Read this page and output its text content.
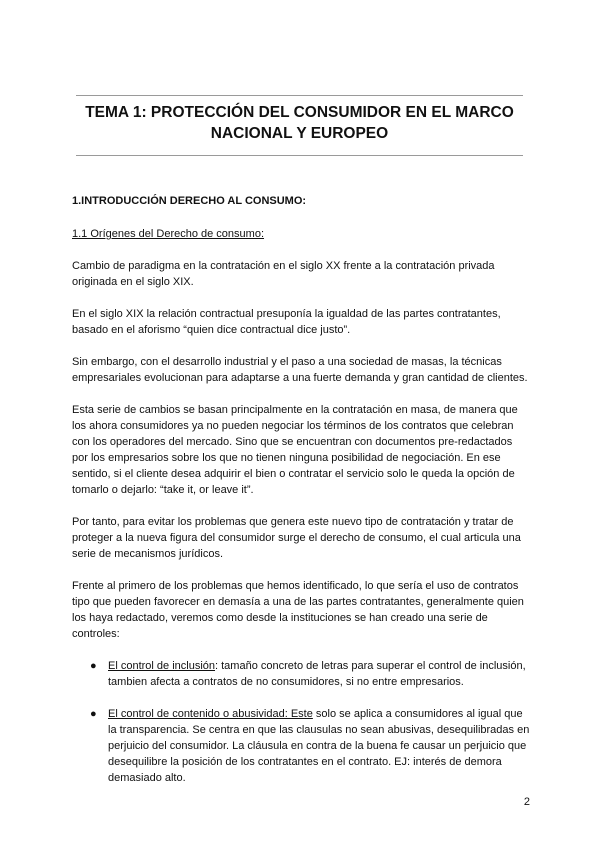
TEMA 1: PROTECCIÓN DEL CONSUMIDOR EN EL MARCO
NACIONAL Y EUROPEO
1.INTRODUCCIÓN DERECHO AL CONSUMO:
1.1 Orígenes del Derecho de consumo:

Cambio de paradigma en la contratación en el siglo XX frente a la contratación privada originada en el siglo XIX.

En el siglo XIX la relación contractual presuponía la igualdad de las partes contratantes, basado en el aforismo “quien dice contractual dice justo”.

Sin embargo, con el desarrollo industrial y el paso a una sociedad de masas, la técnicas empresariales evolucionan para adaptarse a una fuerte demanda y gran cantidad de clientes.

Esta serie de cambios se basan principalmente en la contratación en masa, de manera que los ahora consumidores ya no pueden negociar los términos de los contratos que celebran con los operadores del mercado. Sino que se encuentran con documentos pre-redactados por los empresarios sobre los que no tienen ninguna posibilidad de negociación. En ese sentido, si el cliente desea adquirir el bien o contratar el servicio solo le queda la opción de tomarlo o dejarlo: “take it, or leave it”.

Por tanto, para evitar los problemas que genera este nuevo tipo de contratación y tratar de proteger a la nueva figura del consumidor surge el derecho de consumo, el cual articula una serie de mecanismos jurídicos.

Frente al primero de los problemas que hemos identificado, lo que sería el uso de contratos tipo que pueden favorecer en demasía a una de las partes contratantes, generalmente quien los haya redactado, veremos como desde la instituciones se han creado una serie de controles:

● El control de inclusión: tamaño concreto de letras para superar el control de inclusión, tambien afecta a contratos de no consumidores, si no entre empresarios.
● El control de contenido o abusividad: Este solo se aplica a consumidores al igual que la transparencia. Se centra en que las clausulas no sean abusivas, desequilibradas en perjuicio del consumidor. La cláusula en contra de la buena fe causar un perjuicio que desequilibre la posición de los contratantes en el contrato. EJ: interés de demora demasiado alto.
2
